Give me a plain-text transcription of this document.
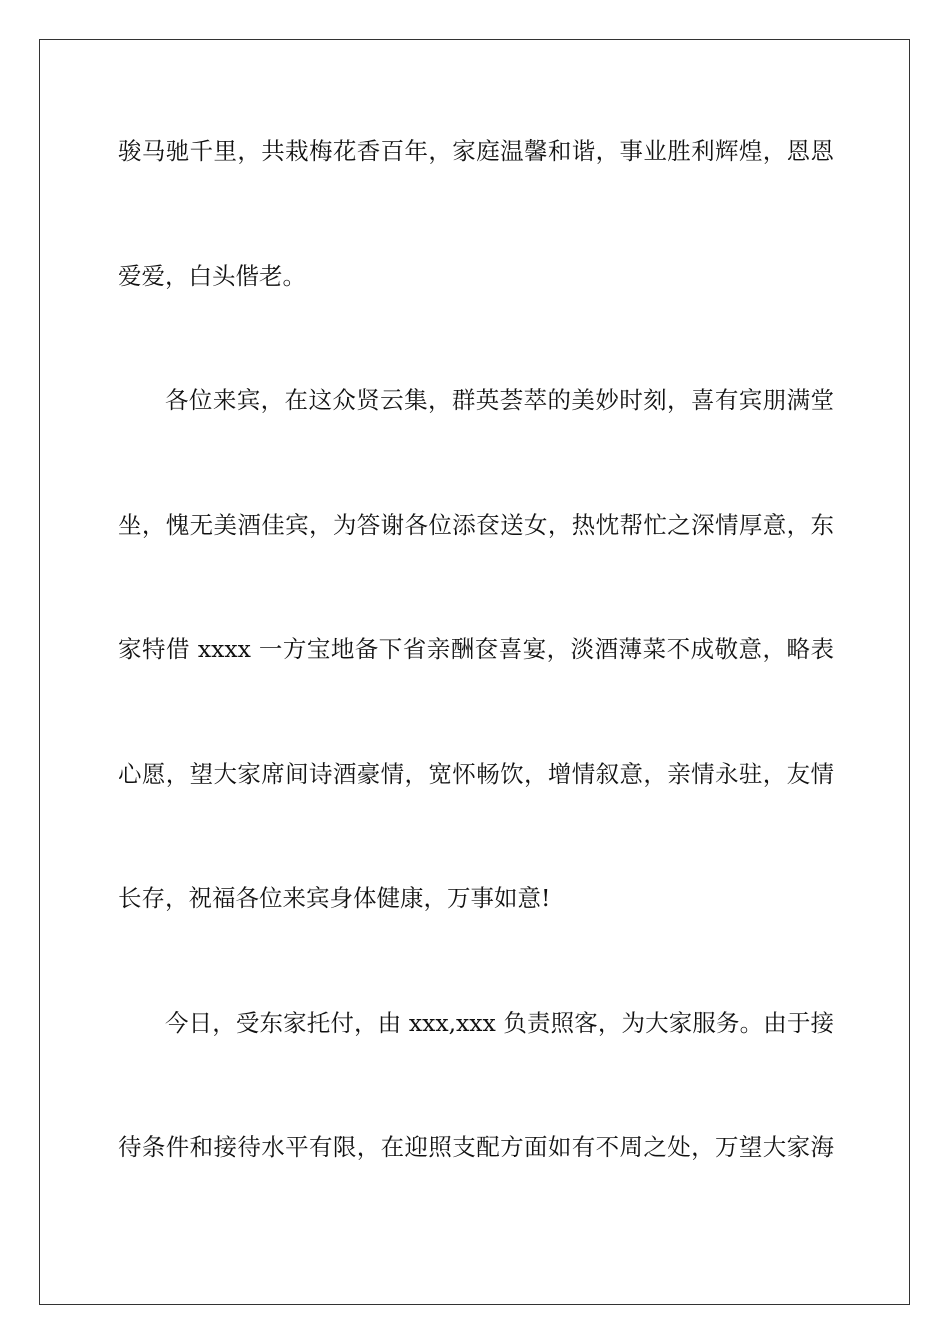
骏马驰千里，共栽梅花香百年，家庭温馨和谐，事业胜利辉煌，恩恩
爱爱，白头偕老。
各位来宾，在这众贤云集，群英荟萃的美妙时刻，喜有宾朋满堂
坐，愧无美酒佳宾，为答谢各位添奁送女，热忱帮忙之深情厚意，东
家特借 xxxx 一方宝地备下省亲酬奁喜宴，淡酒薄菜不成敬意，略表
心愿，望大家席间诗酒豪情，宽怀畅饮，增情叙意，亲情永驻，友情
长存，祝福各位来宾身体健康，万事如意!
今日，受东家托付，由 xxx,xxx 负责照客，为大家服务。由于接
待条件和接待水平有限，在迎照支配方面如有不周之处，万望大家海
